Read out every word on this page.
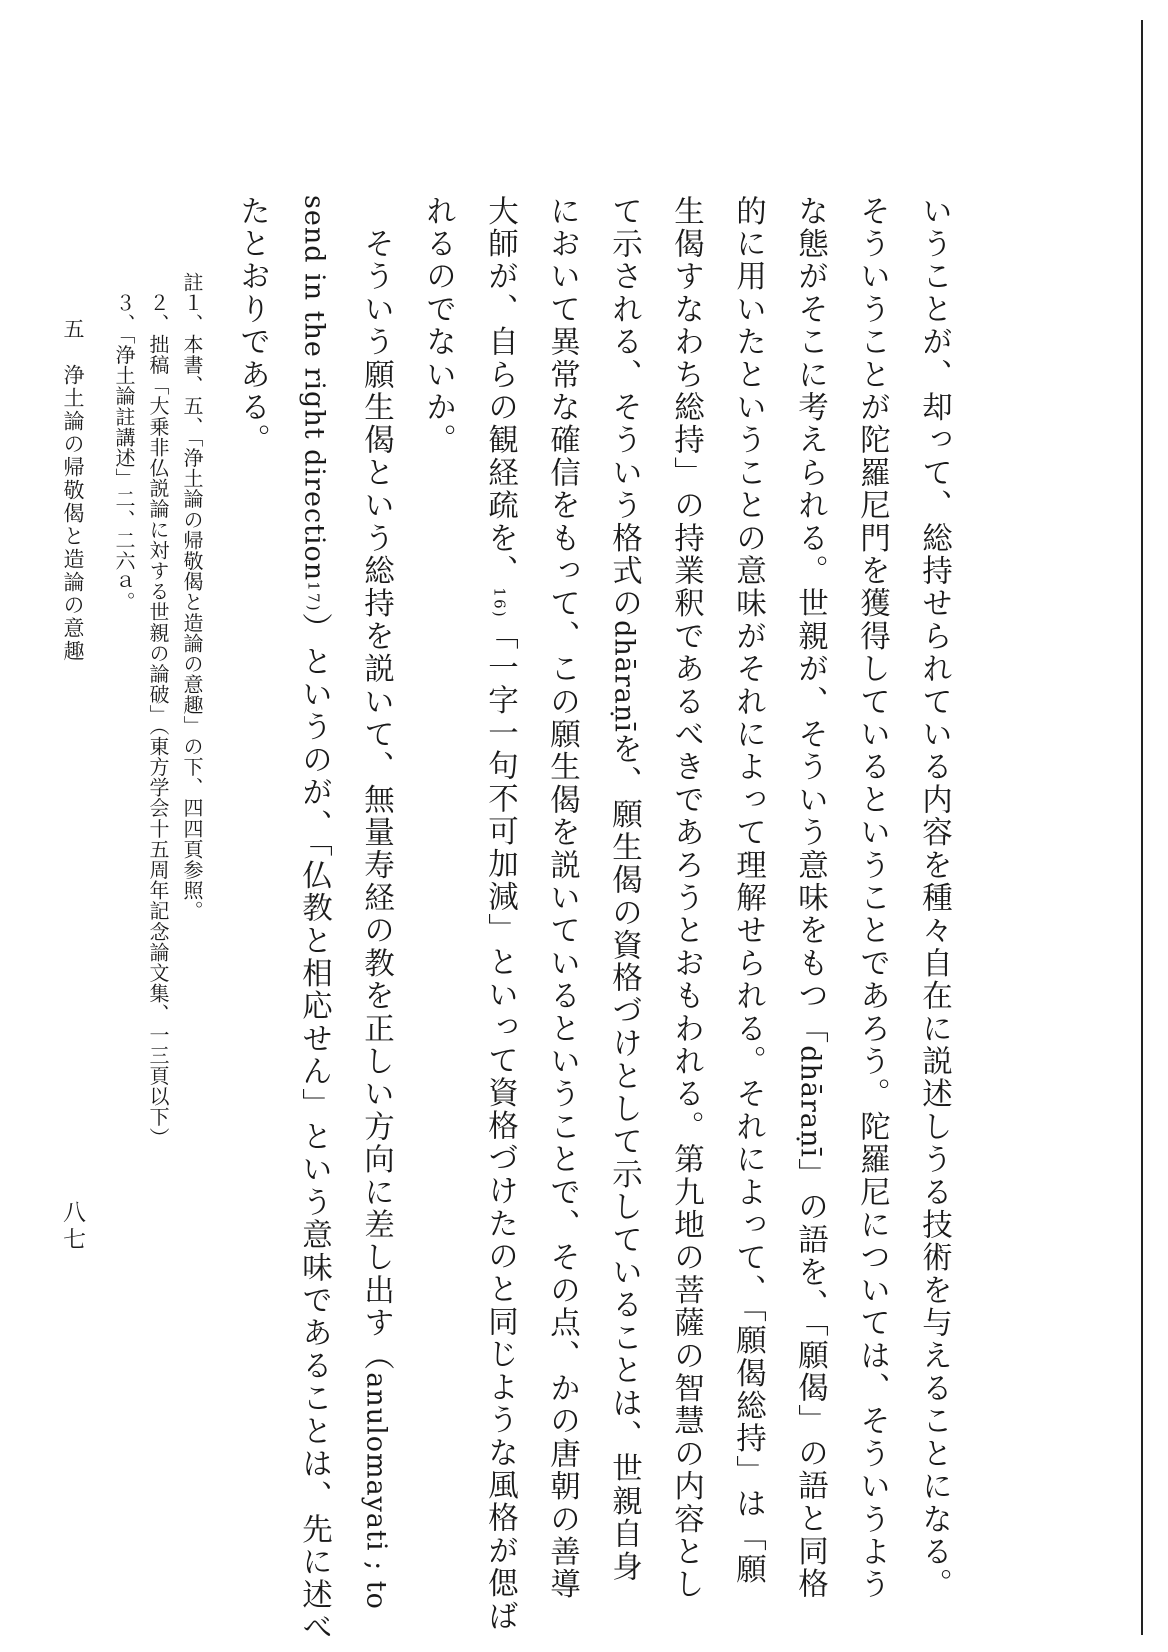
いうことが、却って、総持せられている内容を種々自在に説述しうる技術を与えることになる。
そういうことが陀羅尼門を獲得しているということであろう。陀羅尼については、そういうよう
な態がそこに考えられる。世親が、そういう意味をもつ「dhāraṇī」の語を、「願偈」の語と同格
的に用いたということの意味がそれによって理解せられる。それによって、「願偈総持」は「願
生偈すなわち総持」の持業釈であるべきであろうとおもわれる。第九地の菩薩の智慧の内容とし
て示される、そういう格式のdhāraṇīを、願生偈の資格づけとして示していることは、世親自身
において異常な確信をもって、この願生偈を説いているということで、その点、かの唐朝の善導
大師が、自らの観経疏を、16)「一字一句不可加減」といって資格づけたのと同じような風格が偲ば
れるのでないか。
　そういう願生偈という総持を説いて、無量寿経の教を正しい方向に差し出す（anulomayati ; to
send in the right direction17)）というのが、「仏教と相応せん」という意味であることは、先に述べ
たとおりである。
註１、本書、五、「浄土論の帰敬偈と造論の意趣」の下、四四頁参照。
　２、拙稿「大乗非仏説論に対する世親の論破」（東方学会十五周年記念論文集、一三頁以下）
　３、「浄土論註講述」二、二六ａ。
五　浄土論の帰敬偈と造論の意趣
八七
